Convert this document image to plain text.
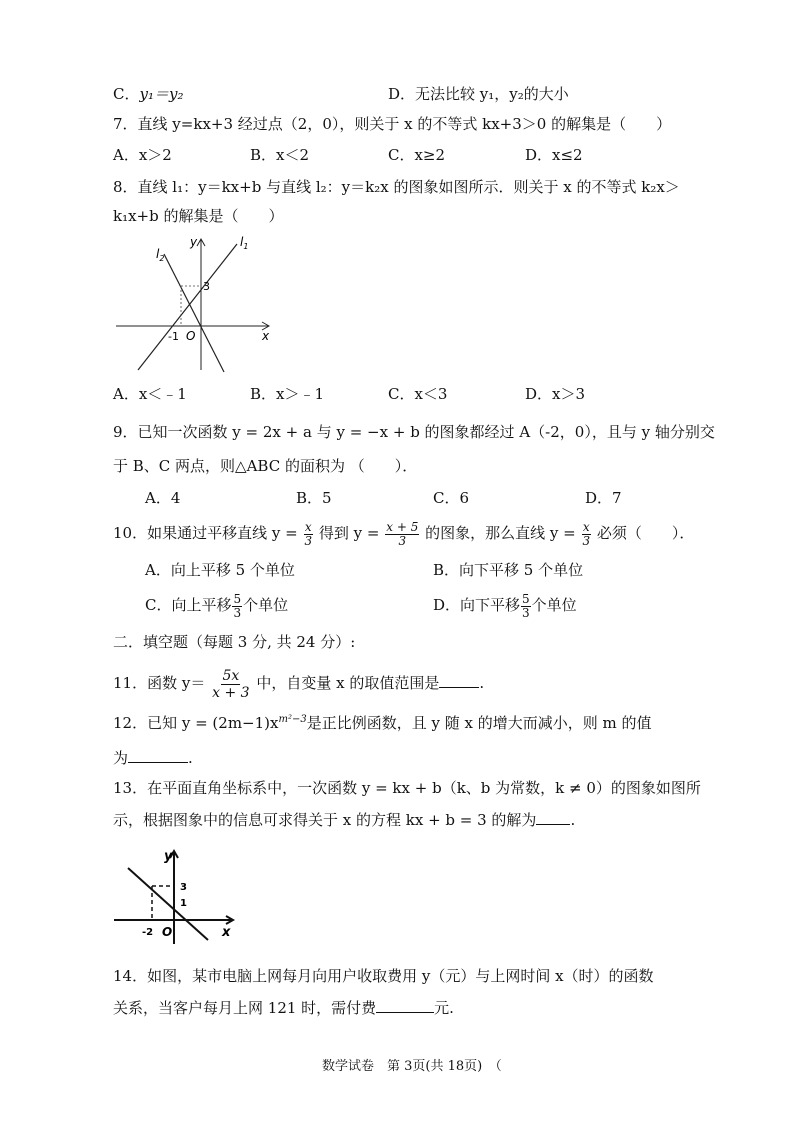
C．y₁＝y₂	D．无法比较 y₁，y₂的大小
7．直线 y=kx+3 经过点（2，0），则关于 x 的不等式 kx+3＞0 的解集是（　　）
A．x＞2	B．x＜2	C．x≥2	D．x≤2
8．直线 l₁：y＝kx+b 与直线 l₂：y＝k₂x 的图象如图所示．则关于 x 的不等式 k₂x＞
k₁x+b 的解集是（　　）
$l_1$
$l_2$
y
x
O
-1
3
A．x＜﹣1	B．x＞﹣1	C．x＜3	D．x＞3
9．已知一次函数 y = 2x + a 与 y = −x + b 的图象都经过 A（-2，0），且与 y 轴分别交
于 B、C 两点，则△ABC 的面积为 （　　）．
A．4	B．5	C．6	D．7
10．如果通过平移直线 $y = \frac{x}{3}$ 得到 $y = \frac{x + 5}{3}$ 的图象，那么直线 $y = \frac{x}{3}$ 必须（　　）．
A．向上平移 5 个单位	B．向下平移 5 个单位
C．向上平移 $\frac{5}{3}$ 个单位	D．向下平移 $\frac{5}{3}$ 个单位
二．填空题（每题 3 分, 共 24 分）:
11．函数 $y= \frac{5x}{x + 3}$ 中，自变量 x 的取值范围是	.
12．已知 $y = (2m-1)x^{m^2-3}$是正比例函数，且 y 随 x 的增大而减小，则 m 的值
为	.
13．在平面直角坐标系中，一次函数 y = kx + b（k、b 为常数，k ≠ 0）的图象如图所
示，根据图象中的信息可求得关于 x 的方程 kx + b = 3 的解为 .
y
x
O
-2
3
1
14．如图，某市电脑上网每月向用户收取费用 y（元）与上网时间 x（时）的函数
关系，当客户每月上网 121 时，需付费	元.
数学试卷　第 3页(共 18页)　（
